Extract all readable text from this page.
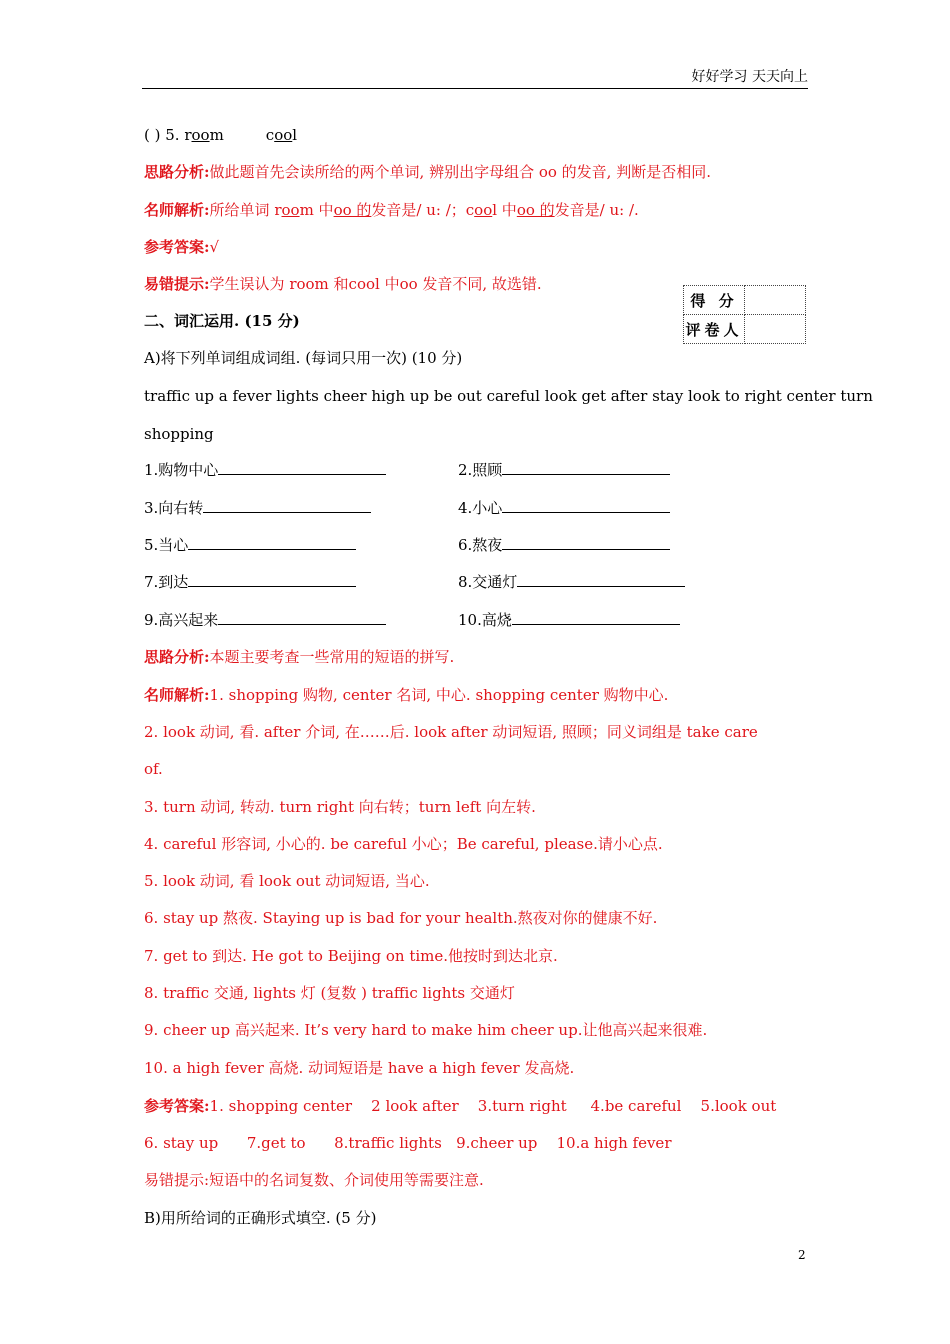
好好学习 天天向上
( ) 5. room	cool
思路分析:做此题首先会读所给的两个单词, 辨别出字母组合 oo 的发音, 判断是否相同.
名师解析:所给单词 room 中oo 的发音是/ u: /；cool 中oo 的发音是/ u: /.
参考答案:√
易错提示:学生误认为 room 和cool 中oo 发音不同, 故选错.
得 分	
评卷人	
二、词汇运用. (15 分)
A)将下列单词组成词组. (每词只用一次) (10 分)
traffic up a fever lights cheer high up be out careful look get after stay look to right center turn
shopping
1.购物中心	2.照顾
3.向右转	4.小心
5.当心	6.熬夜
7.到达	8.交通灯
9.高兴起来	10.高烧
思路分析:本题主要考查一些常用的短语的拼写.
名师解析:1. shopping 购物, center 名词, 中心. shopping center 购物中心.
2. look 动词, 看. after 介词, 在……后. look after 动词短语, 照顾；同义词组是 take care
of.
3. turn 动词, 转动. turn right 向右转；turn left 向左转.
4. careful 形容词, 小心的. be careful 小心；Be careful, please.请小心点.
5. look 动词, 看 look out 动词短语, 当心.
6. stay up 熬夜. Staying up is bad for your health.熬夜对你的健康不好.
7. get to 到达. He got to Beijing on time.他按时到达北京.
8. traffic 交通, lights 灯 (复数 ) traffic lights 交通灯
9. cheer up 高兴起来. It’s very hard to make him cheer up.让他高兴起来很难.
10. a high fever 高烧. 动词短语是 have a high fever 发高烧.
参考答案:1. shopping center    2 look after    3.turn right     4.be careful    5.look out
6. stay up      7.get to      8.traffic lights   9.cheer up    10.a high fever
易错提示:短语中的名词复数、介词使用等需要注意.
B)用所给词的正确形式填空. (5 分)
2
